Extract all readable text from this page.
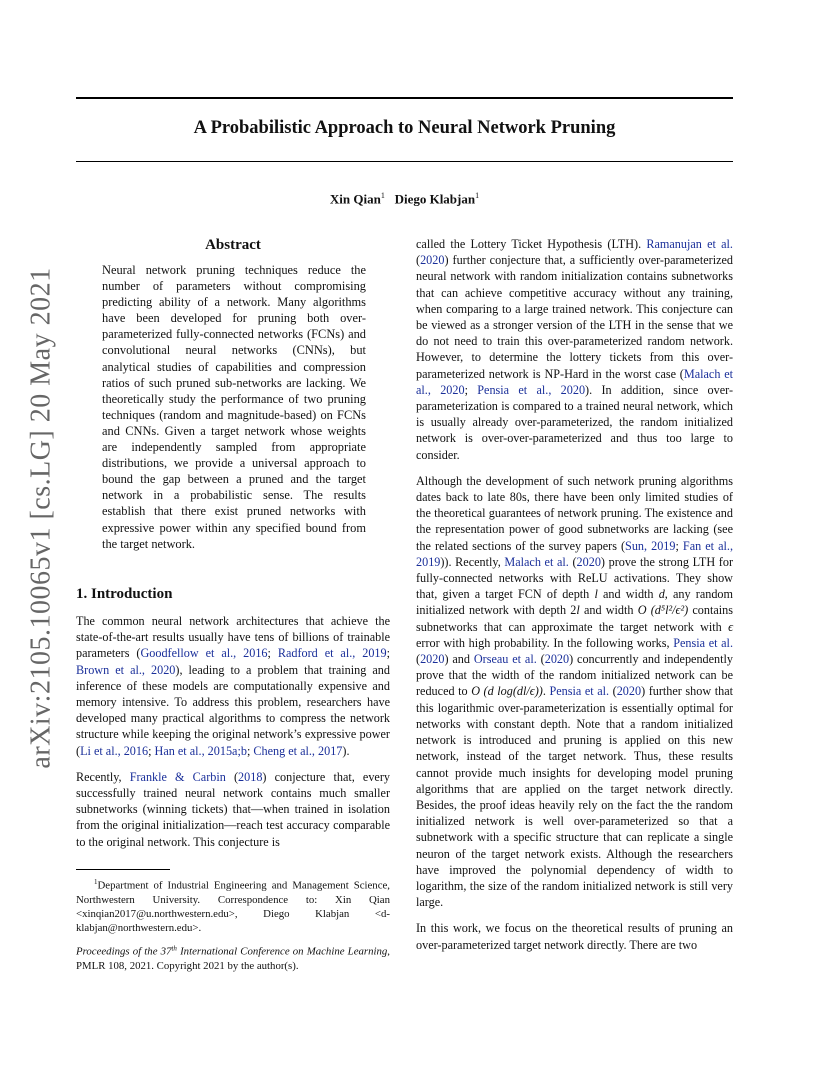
arXiv:2105.10065v1 [cs.LG] 20 May 2021
A Probabilistic Approach to Neural Network Pruning
Xin Qian$^1$ Diego Klabjan$^1$
Abstract

Neural network pruning techniques reduce the number of parameters without compromising predicting ability of a network. Many algorithms have been developed for pruning both over-parameterized fully-connected networks (FCNs) and convolutional neural networks (CNNs), but analytical studies of capabilities and compression ratios of such pruned sub-networks are lacking. We theoretically study the performance of two pruning techniques (random and magnitude-based) on FCNs and CNNs. Given a target network whose weights are independently sampled from appropriate distributions, we provide a universal approach to bound the gap between a pruned and the target network in a probabilistic sense. The results establish that there exist pruned networks with expressive power within any specified bound from the target network.

1. Introduction

The common neural network architectures that achieve the state-of-the-art results usually have tens of billions of trainable parameters (Goodfellow et al., 2016; Radford et al., 2019; Brown et al., 2020), leading to a problem that training and inference of these models are computationally expensive and memory intensive. To address this problem, researchers have developed many practical algorithms to compress the network structure while keeping the original network’s expressive power (Li et al., 2016; Han et al., 2015a;b; Cheng et al., 2017).

Recently, Frankle & Carbin (2018) conjecture that, every successfully trained neural network contains much smaller subnetworks (winning tickets) that—when trained in isolation from the original initialization—reach test accuracy comparable to the original network. This conjecture is

$^1$Department of Industrial Engineering and Management Science, Northwestern University. Correspondence to: Xin Qian <xinqian2017@u.northwestern.edu>, Diego Klabjan <d-klabjan@northwestern.edu>.

Proceedings of the 37th International Conference on Machine Learning, PMLR 108, 2021. Copyright 2021 by the author(s).

called the Lottery Ticket Hypothesis (LTH). Ramanujan et al. (2020) further conjecture that, a sufficiently over-parameterized neural network with random initialization contains subnetworks that can achieve competitive accuracy without any training, when comparing to a large trained network. This conjecture can be viewed as a stronger version of the LTH in the sense that we do not need to train this over-parameterized random network. However, to determine the lottery tickets from this over-parameterized network is NP-Hard in the worst case (Malach et al., 2020; Pensia et al., 2020). In addition, since over-parameterization is compared to a trained neural network, which is usually already over-parameterized, the random initialized network is over-over-parameterized and thus too large to consider.

Although the development of such network pruning algorithms dates back to late 80s, there have been only limited studies of the theoretical guarantees of network pruning. The existence and the representation power of good subnetworks are lacking (see the related sections of the survey papers (Sun, 2019; Fan et al., 2019)). Recently, Malach et al. (2020) prove the strong LTH for fully-connected networks with ReLU activations. They show that, given a target FCN of depth l and width d, any random initialized network with depth 2l and width O (d⁵l²/ϵ²) contains subnetworks that can approximate the target network with ϵ error with high probability. In the following works, Pensia et al. (2020) and Orseau et al. (2020) concurrently and independently prove that the width of the random initialized network can be reduced to O (d log(dl/ϵ)). Pensia et al. (2020) further show that this logarithmic over-parameterization is essentially optimal for networks with constant depth. Note that a random initialized network is introduced and pruning is applied on this new network, instead of the target network. Thus, these results cannot provide much insights for developing model pruning algorithms that are applied on the target network directly. Besides, the proof ideas heavily rely on the fact the the random initialized network is well over-parameterized so that a subnetwork with a specific structure that can replicate a single neuron of the target network exists. Although the researchers have improved the polynomial dependency of width to logarithm, the size of the random initialized network is still very large.

In this work, we focus on the theoretical results of pruning an over-parameterized target network directly. There are two
